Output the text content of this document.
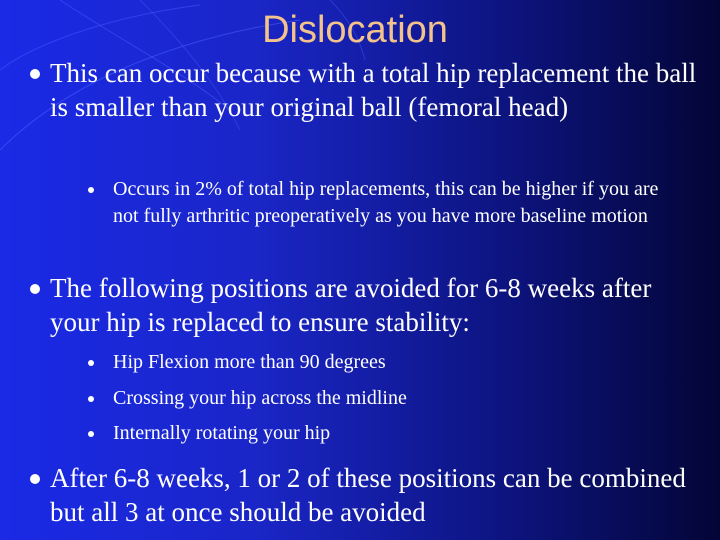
Dislocation
This can occur because with a total hip replacement the ball is smaller than your original ball (femoral head)
Occurs in 2% of total hip replacements, this can be higher if you are not fully arthritic preoperatively as you have more baseline motion
The following positions are avoided for 6-8 weeks after your hip is replaced to ensure stability:
Hip Flexion more than 90 degrees
Crossing your hip across the midline
Internally rotating your hip
After 6-8 weeks, 1 or 2 of these positions can be combined but all 3 at once should be avoided
